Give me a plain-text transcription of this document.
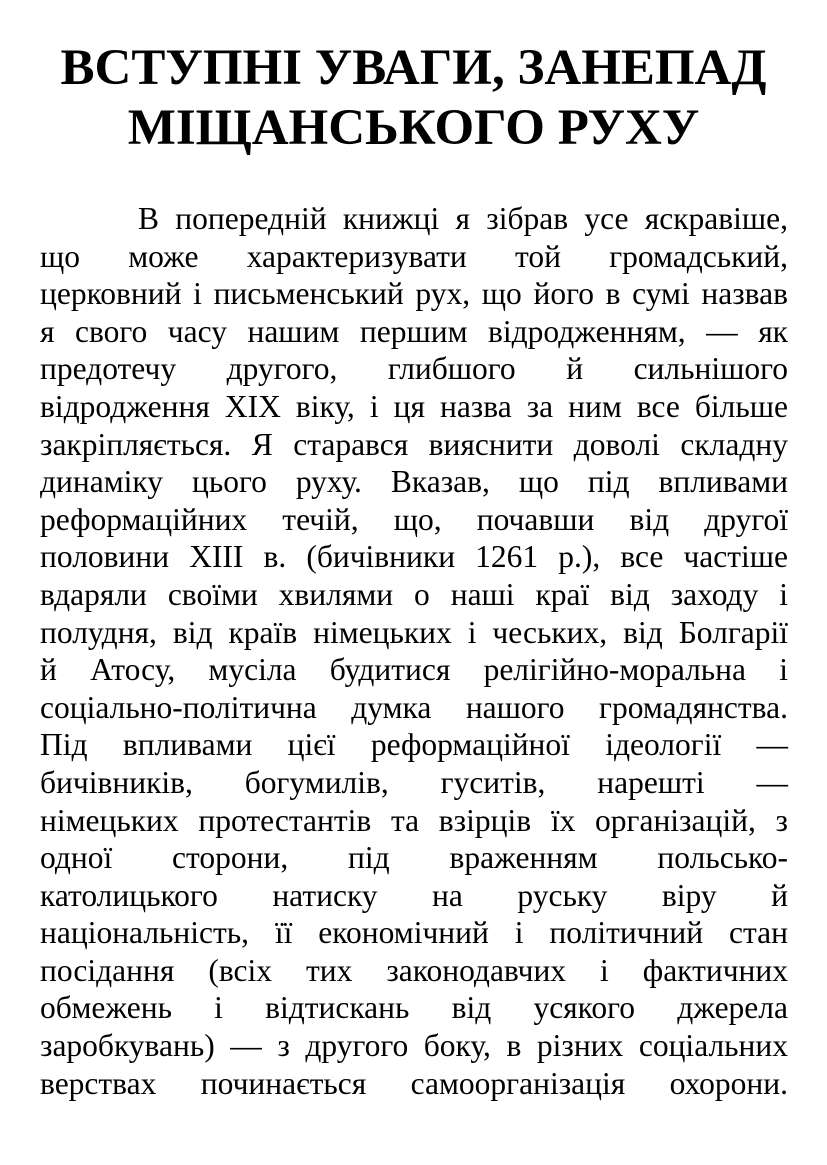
ВСТУПНІ УВАГИ, ЗАНЕПАД
МІЩАНСЬКОГО РУХУ
В попередній книжці я зібрав усе яскравіше,
що може характеризувати той громадський,
церковний і письменський рух, що його в сумі назвав
я свого часу нашим першим відродженням, — як
предотечу другого, глибшого й сильнішого
відродження XIX віку, і ця назва за ним все більше
закріпляється. Я старався вияснити доволі складну
динаміку цього руху. Вказав, що під впливами
реформаційних течій, що, почавши від другої
половини XIII в. (бичівники 1261 р.), все частіше
вдаряли своїми хвилями о наші краї від заходу і
полудня, від країв німецьких і чеських, від Болгарії
й Атосу, мусіла будитися релігійно-моральна і
соціально-політична думка нашого громадянства.
Під впливами цієї реформаційної ідеології —
бичівників, богумилів, гуситів, нарешті —
німецьких протестантів та взірців їх організацій, з
одної сторони, під враженням польсько-
католицького натиску на руську віру й
національність, її економічний і політичний стан
посідання (всіх тих законодавчих і фактичних
обмежень і відтискань від усякого джерела
заробкувань) — з другого боку, в різних соціальних
верствах починається самоорганізація охорони.
